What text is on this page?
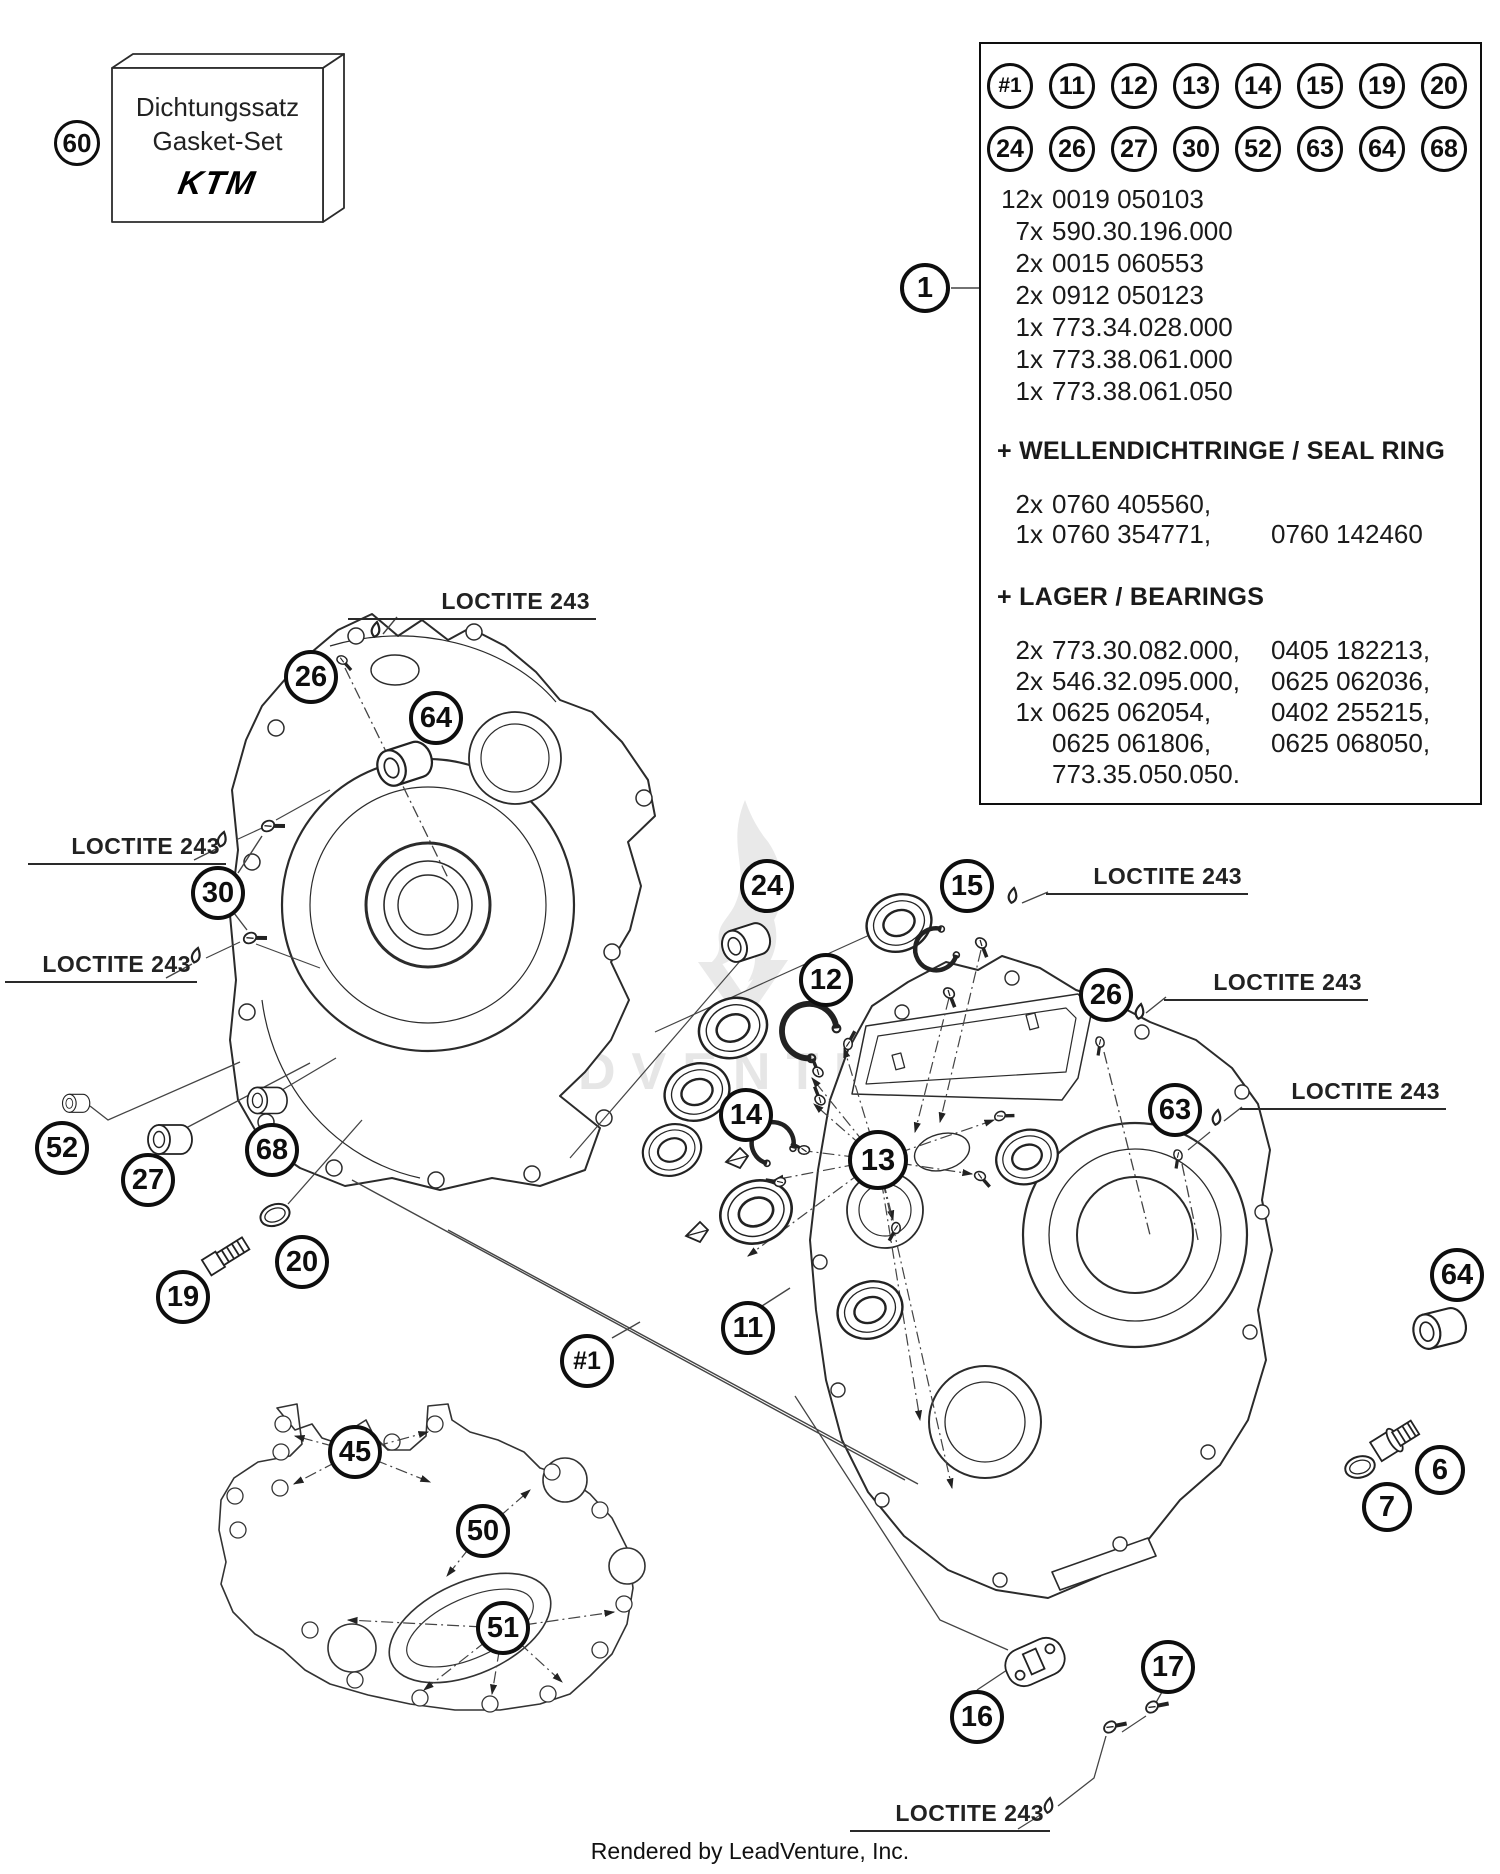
Dichtungssatz
Gasket-Set
KTM
#1	11	12	13	14	15	19	20
24	26	27	30	52	63	64	68
12x 0019 050103
7x 590.30.196.000
2x 0015 060553
2x 0912 050123
1x 773.34.028.000
1x 773.38.061.000
1x 773.38.061.050
+ WELLENDICHTRINGE / SEAL RING
2x 0760 405560,
1x 0760 354771, 0760 142460
+ LAGER / BEARINGS
2x 773.30.082.000, 0405 182213,
2x 546.32.095.000, 0625 062036,
1x 0625 062054, 0402 255215,
0625 061806, 0625 068050,
773.35.050.050.
LOCTITE 243
LOCTITE 243
LOCTITE 243
LOCTITE 243
LOCTITE 243
LOCTITE 243
LOCTITE 243
60
1
26
64
30
52
27
68
20
19
24	15
12
14
13
11
#1
45
50
51
16
17
26
63
64
6
7
Rendered by LeadVenture, Inc.
